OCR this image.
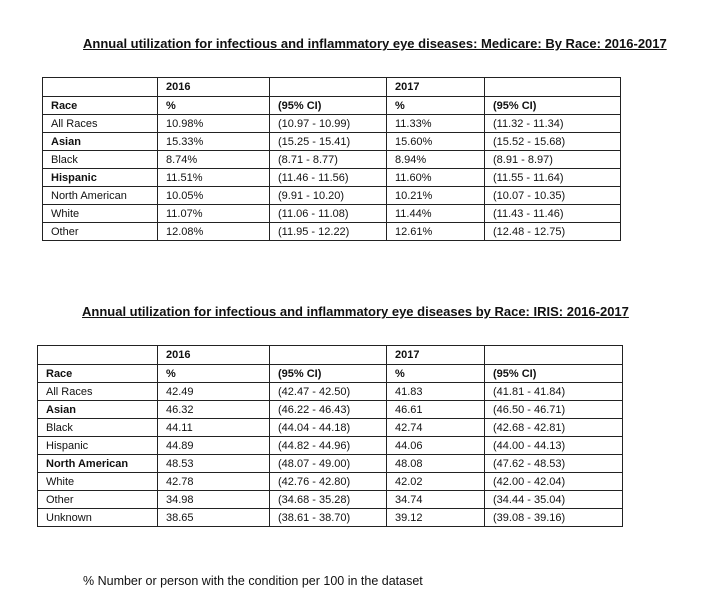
Annual utilization for infectious and inflammatory eye diseases: Medicare: By Race: 2016-2017
	2016		2017	
Race	%	(95% CI)	%	(95% CI)
All Races	10.98%	(10.97 - 10.99)	11.33%	(11.32 - 11.34)
Asian	15.33%	(15.25 - 15.41)	15.60%	(15.52 - 15.68)
Black	8.74%	(8.71 - 8.77)	8.94%	(8.91 - 8.97)
Hispanic	11.51%	(11.46 - 11.56)	11.60%	(11.55 - 11.64)
North American	10.05%	(9.91 - 10.20)	10.21%	(10.07 - 10.35)
White	11.07%	(11.06 - 11.08)	11.44%	(11.43 - 11.46)
Other	12.08%	(11.95 - 12.22)	12.61%	(12.48 - 12.75)
Annual utilization for infectious and inflammatory eye diseases by Race: IRIS: 2016-2017
	2016		2017	
Race	%	(95% CI)	%	(95% CI)
All Races	42.49	(42.47 - 42.50)	41.83	(41.81 - 41.84)
Asian	46.32	(46.22 - 46.43)	46.61	(46.50 - 46.71)
Black	44.11	(44.04 - 44.18)	42.74	(42.68 - 42.81)
Hispanic	44.89	(44.82 - 44.96)	44.06	(44.00 - 44.13)
North American	48.53	(48.07 - 49.00)	48.08	(47.62 - 48.53)
White	42.78	(42.76 - 42.80)	42.02	(42.00 - 42.04)
Other	34.98	(34.68 - 35.28)	34.74	(34.44 - 35.04)
Unknown	38.65	(38.61 - 38.70)	39.12	(39.08 - 39.16)
% Number or person with the condition per 100 in the dataset
